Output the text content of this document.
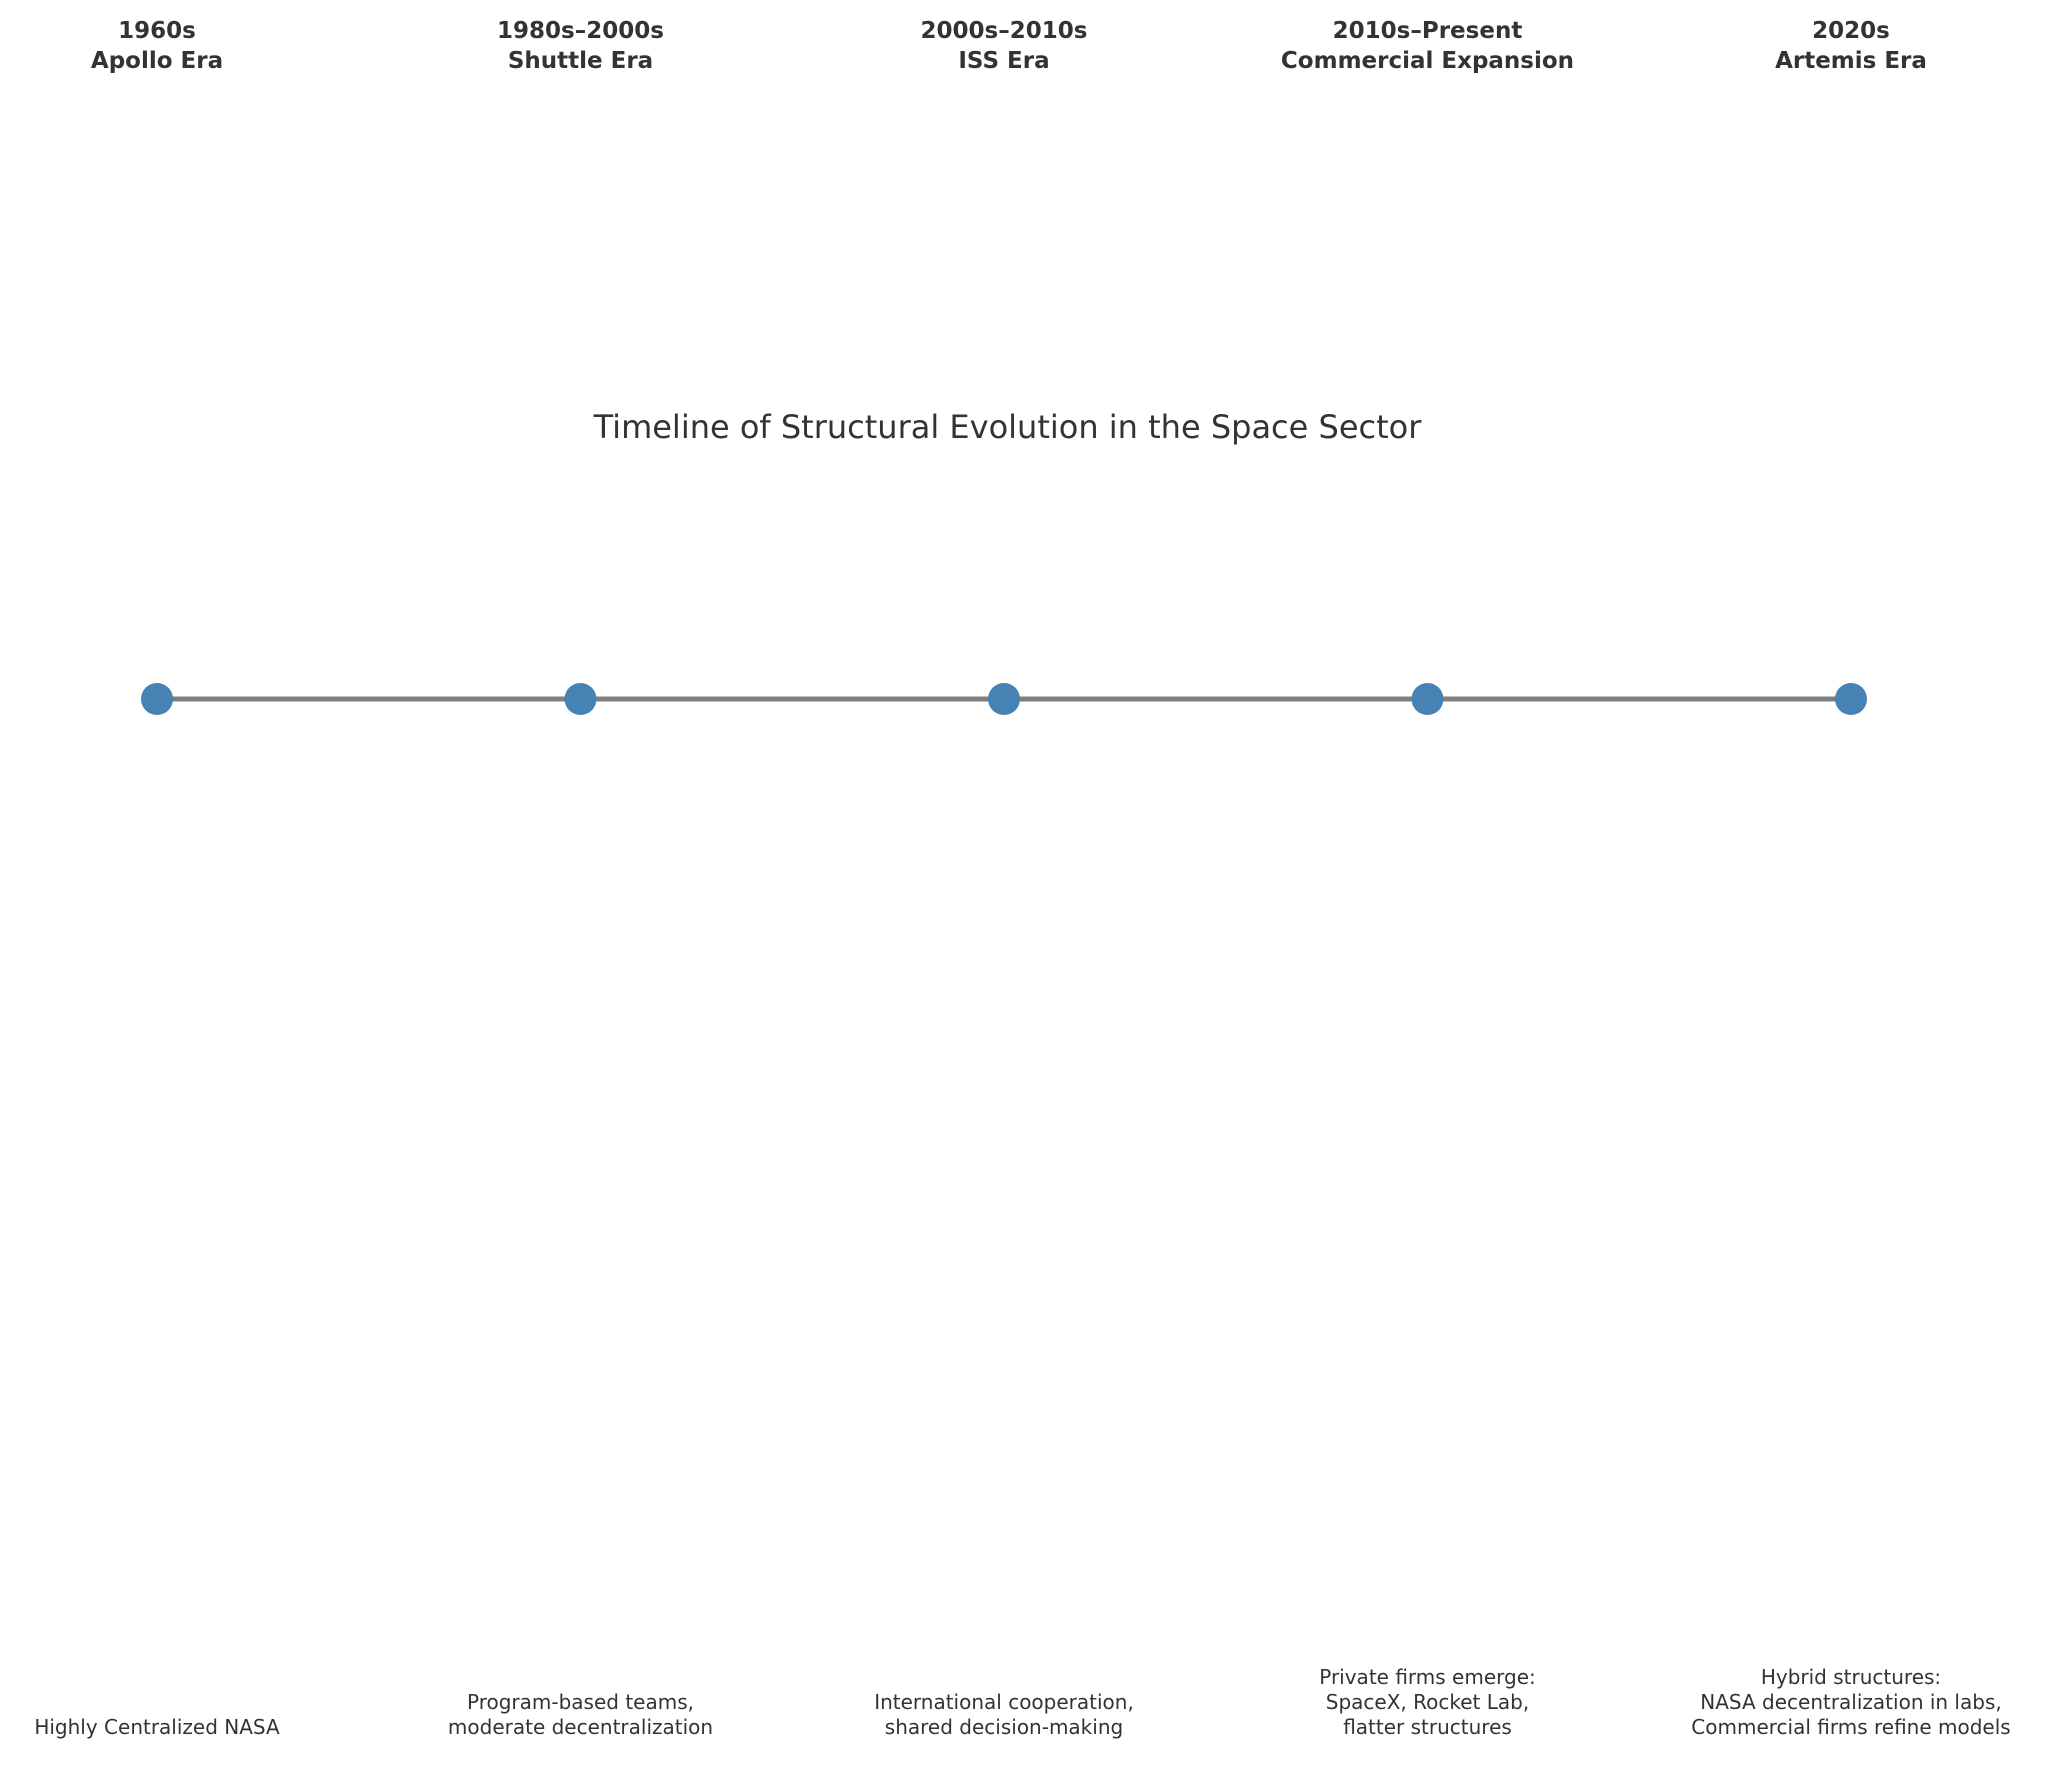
Timeline of Structural Evolution in the Space Sector
1960s
Apollo Era
Highly Centralized NASA
1980s–2000s
Shuttle Era
Program-based teams,
moderate decentralization
2000s–2010s
ISS Era
International cooperation,
shared decision-making
2010s–Present
Commercial Expansion
Private firms emerge:
SpaceX, Rocket Lab,
flatter structures
2020s
Artemis Era
Hybrid structures:
NASA decentralization in labs,
Commercial firms refine models
